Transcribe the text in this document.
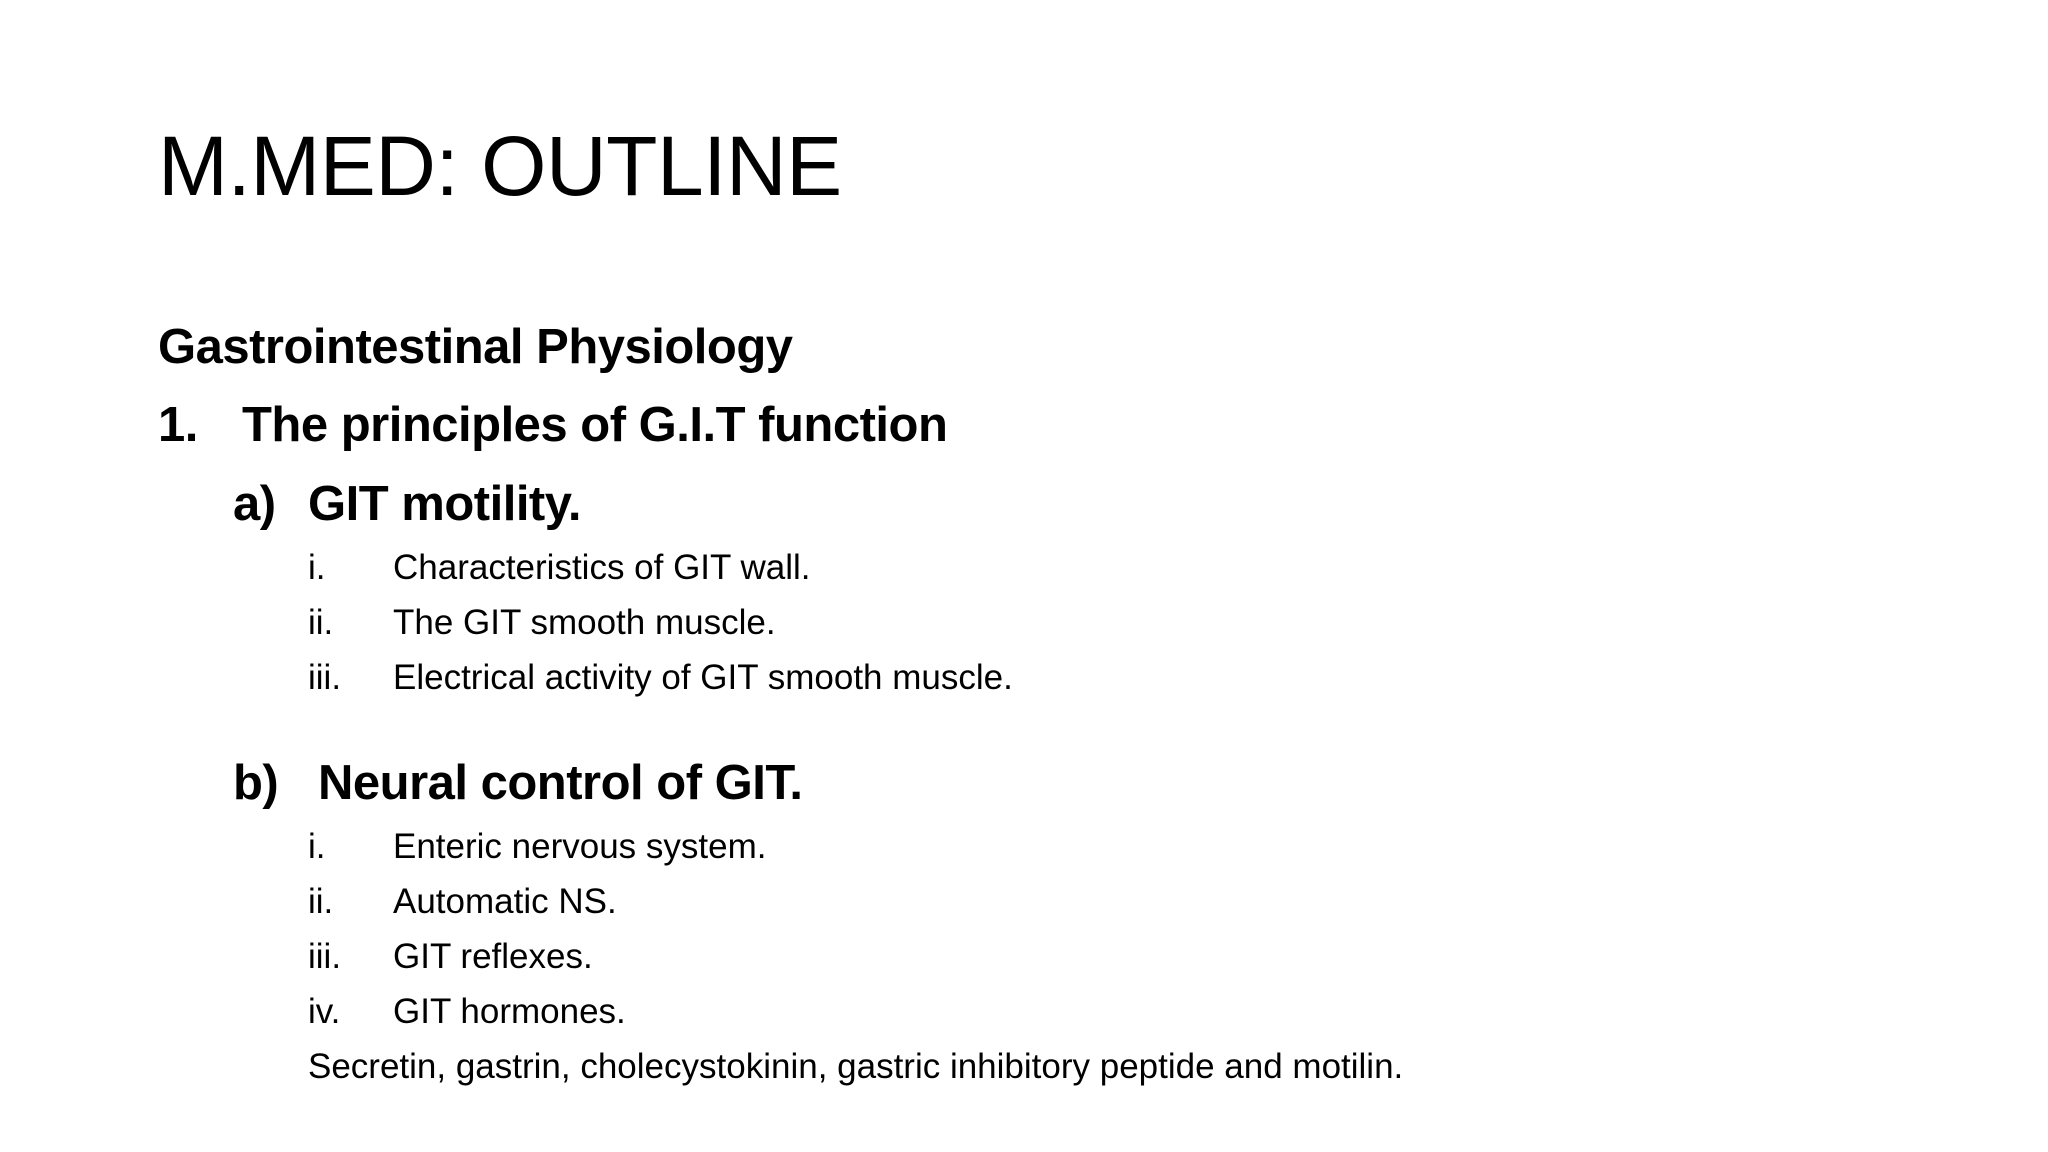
M.MED: OUTLINE
Gastrointestinal Physiology
1. The principles of G.I.T function
a) GIT motility.
i.	Characteristics of GIT wall.
ii.	The GIT smooth muscle.
iii.	Electrical activity of GIT smooth muscle.
b) Neural control of GIT.
i.	Enteric nervous system.
ii.	Automatic NS.
iii.	GIT reflexes.
iv.	GIT hormones.
Secretin, gastrin, cholecystokinin, gastric inhibitory peptide and motilin.
